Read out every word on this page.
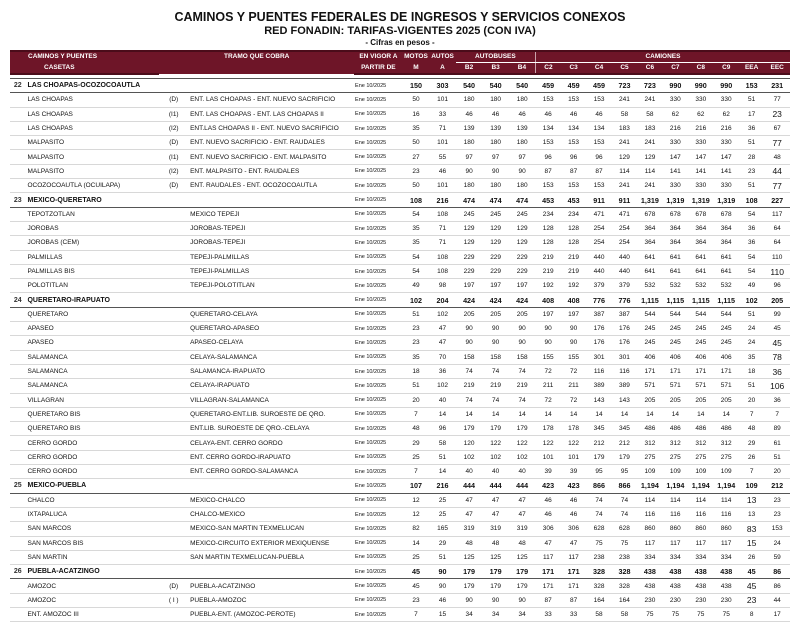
CAMINOS Y PUENTES FEDERALES DE INGRESOS Y SERVICIOS CONEXOS
RED FONADIN: TARIFAS-VIGENTES 2025 (CON IVA)
- Cifras en pesos -
CAMINOS Y PUENTES		TRAMO QUE COBRA		EN VIGOR A	MOTOS	AUTOS	AUTOBUSES			CAMIONES									
CASETAS				PARTIR DE	M	A	B2	B3	B4	C2	C3	C4	C5	C6	C7	C8	C9	EEA	EEC

22	LAS CHOAPAS-OCOZOCOAUTLA			Ene 10/2025	150	303	540	540	540	459	459	459	723	723	990	990	990	153	231
	LAS CHOAPAS	(D)	ENT. LAS CHOAPAS - ENT. NUEVO SACRIFICIO	Ene 10/2025	50	101	180	180	180	153	153	153	241	241	330	330	330	51	77
	LAS CHOAPAS	(I1)	ENT. LAS CHOAPAS - ENT. LAS CHOAPAS II	Ene 10/2025	16	33	46	46	46	46	46	46	58	58	62	62	62	17	23
	LAS CHOAPAS	(I2)	ENT.LAS CHOAPAS II - ENT. NUEVO SACRIFICIO	Ene 10/2025	35	71	139	139	139	134	134	134	183	183	216	216	216	36	67
	MALPASITO	(D)	ENT. NUEVO SACRIFICIO - ENT. RAUDALES	Ene 10/2025	50	101	180	180	180	153	153	153	241	241	330	330	330	51	77
	MALPASITO	(I1)	ENT. NUEVO SACRIFICIO - ENT. MALPASITO	Ene 10/2025	27	55	97	97	97	96	96	96	129	129	147	147	147	28	48
	MALPASITO	(I2)	ENT. MALPASITO - ENT. RAUDALES	Ene 10/2025	23	46	90	90	90	87	87	87	114	114	141	141	141	23	44
	OCOZOCOAUTLA (OCUILAPA)	(D)	ENT. RAUDALES - ENT. OCOZOCOAUTLA	Ene 10/2025	50	101	180	180	180	153	153	153	241	241	330	330	330	51	77
23	MEXICO-QUERETARO			Ene 10/2025	108	216	474	474	474	453	453	911	911	1,319	1,319	1,319	1,319	108	227
	TEPOTZOTLAN		MEXICO TEPEJI	Ene 10/2025	54	108	245	245	245	234	234	471	471	678	678	678	678	54	117
	JOROBAS		JOROBAS-TEPEJI	Ene 10/2025	35	71	129	129	129	128	128	254	254	364	364	364	364	36	64
	JOROBAS (CEM)		JOROBAS-TEPEJI	Ene 10/2025	35	71	129	129	129	128	128	254	254	364	364	364	364	36	64
	PALMILLAS		TEPEJI-PALMILLAS	Ene 10/2025	54	108	229	229	229	219	219	440	440	641	641	641	641	54	110
	PALMILLAS BIS		TEPEJI-PALMILLAS	Ene 10/2025	54	108	229	229	229	219	219	440	440	641	641	641	641	54	110
	POLOTITLAN		TEPEJI-POLOTITLAN	Ene 10/2025	49	98	197	197	197	192	192	379	379	532	532	532	532	49	96
24	QUERETARO-IRAPUATO			Ene 10/2025	102	204	424	424	424	408	408	776	776	1,115	1,115	1,115	1,115	102	205
	QUERETARO		QUERETARO-CELAYA	Ene 10/2025	51	102	205	205	205	197	197	387	387	544	544	544	544	51	99
	APASEO		QUERETARO-APASEO	Ene 10/2025	23	47	90	90	90	90	90	176	176	245	245	245	245	24	45
	APASEO		APASEO-CELAYA	Ene 10/2025	23	47	90	90	90	90	90	176	176	245	245	245	245	24	45
	SALAMANCA		CELAYA-SALAMANCA	Ene 10/2025	35	70	158	158	158	155	155	301	301	406	406	406	406	35	78
	SALAMANCA		SALAMANCA-IRAPUATO	Ene 10/2025	18	36	74	74	74	72	72	116	116	171	171	171	171	18	36
	SALAMANCA		CELAYA-IRAPUATO	Ene 10/2025	51	102	219	219	219	211	211	389	389	571	571	571	571	51	106
	VILLAGRAN		VILLAGRAN-SALAMANCA	Ene 10/2025	20	40	74	74	74	72	72	143	143	205	205	205	205	20	36
	QUERETARO BIS		QUERETARO-ENT.LIB. SUROESTE DE QRO.	Ene 10/2025	7	14	14	14	14	14	14	14	14	14	14	14	14	7	7
	QUERETARO BIS		ENT.LIB. SUROESTE DE QRO.-CELAYA	Ene 10/2025	48	96	179	179	179	178	178	345	345	486	486	486	486	48	89
	CERRO GORDO		CELAYA-ENT. CERRO GORDO	Ene 10/2025	29	58	120	122	122	122	122	212	212	312	312	312	312	29	61
	CERRO GORDO		ENT. CERRO GORDO-IRAPUATO	Ene 10/2025	25	51	102	102	102	101	101	179	179	275	275	275	275	26	51
	CERRO GORDO		ENT. CERRO GORDO-SALAMANCA	Ene 10/2025	7	14	40	40	40	39	39	95	95	109	109	109	109	7	20
25	MEXICO-PUEBLA			Ene 10/2025	107	216	444	444	444	423	423	866	866	1,194	1,194	1,194	1,194	109	212
	CHALCO		MEXICO-CHALCO	Ene 10/2025	12	25	47	47	47	46	46	74	74	114	114	114	114	13	23
	IXTAPALUCA		CHALCO-MEXICO	Ene 10/2025	12	25	47	47	47	46	46	74	74	116	116	116	116	13	23
	SAN MARCOS		MEXICO-SAN MARTIN TEXMELUCAN	Ene 10/2025	82	165	319	319	319	306	306	628	628	860	860	860	860	83	153
	SAN MARCOS BIS		MEXICO-CIRCUITO EXTERIOR MEXIQUENSE	Ene 10/2025	14	29	48	48	48	47	47	75	75	117	117	117	117	15	24
	SAN MARTIN		SAN MARTIN TEXMELUCAN-PUEBLA	Ene 10/2025	25	51	125	125	125	117	117	238	238	334	334	334	334	26	59
26	PUEBLA-ACATZINGO			Ene 10/2025	45	90	179	179	179	171	171	328	328	438	438	438	438	45	86
	AMOZOC	(D)	PUEBLA-ACATZINGO	Ene 10/2025	45	90	179	179	179	171	171	328	328	438	438	438	438	45	86
	AMOZOC	( I )	PUEBLA-AMOZOC	Ene 10/2025	23	46	90	90	90	87	87	164	164	230	230	230	230	23	44
	ENT. AMOZOC III		PUEBLA-ENT. (AMOZOC-PEROTE)	Ene 10/2025	7	15	34	34	34	33	33	58	58	75	75	75	75	8	17
